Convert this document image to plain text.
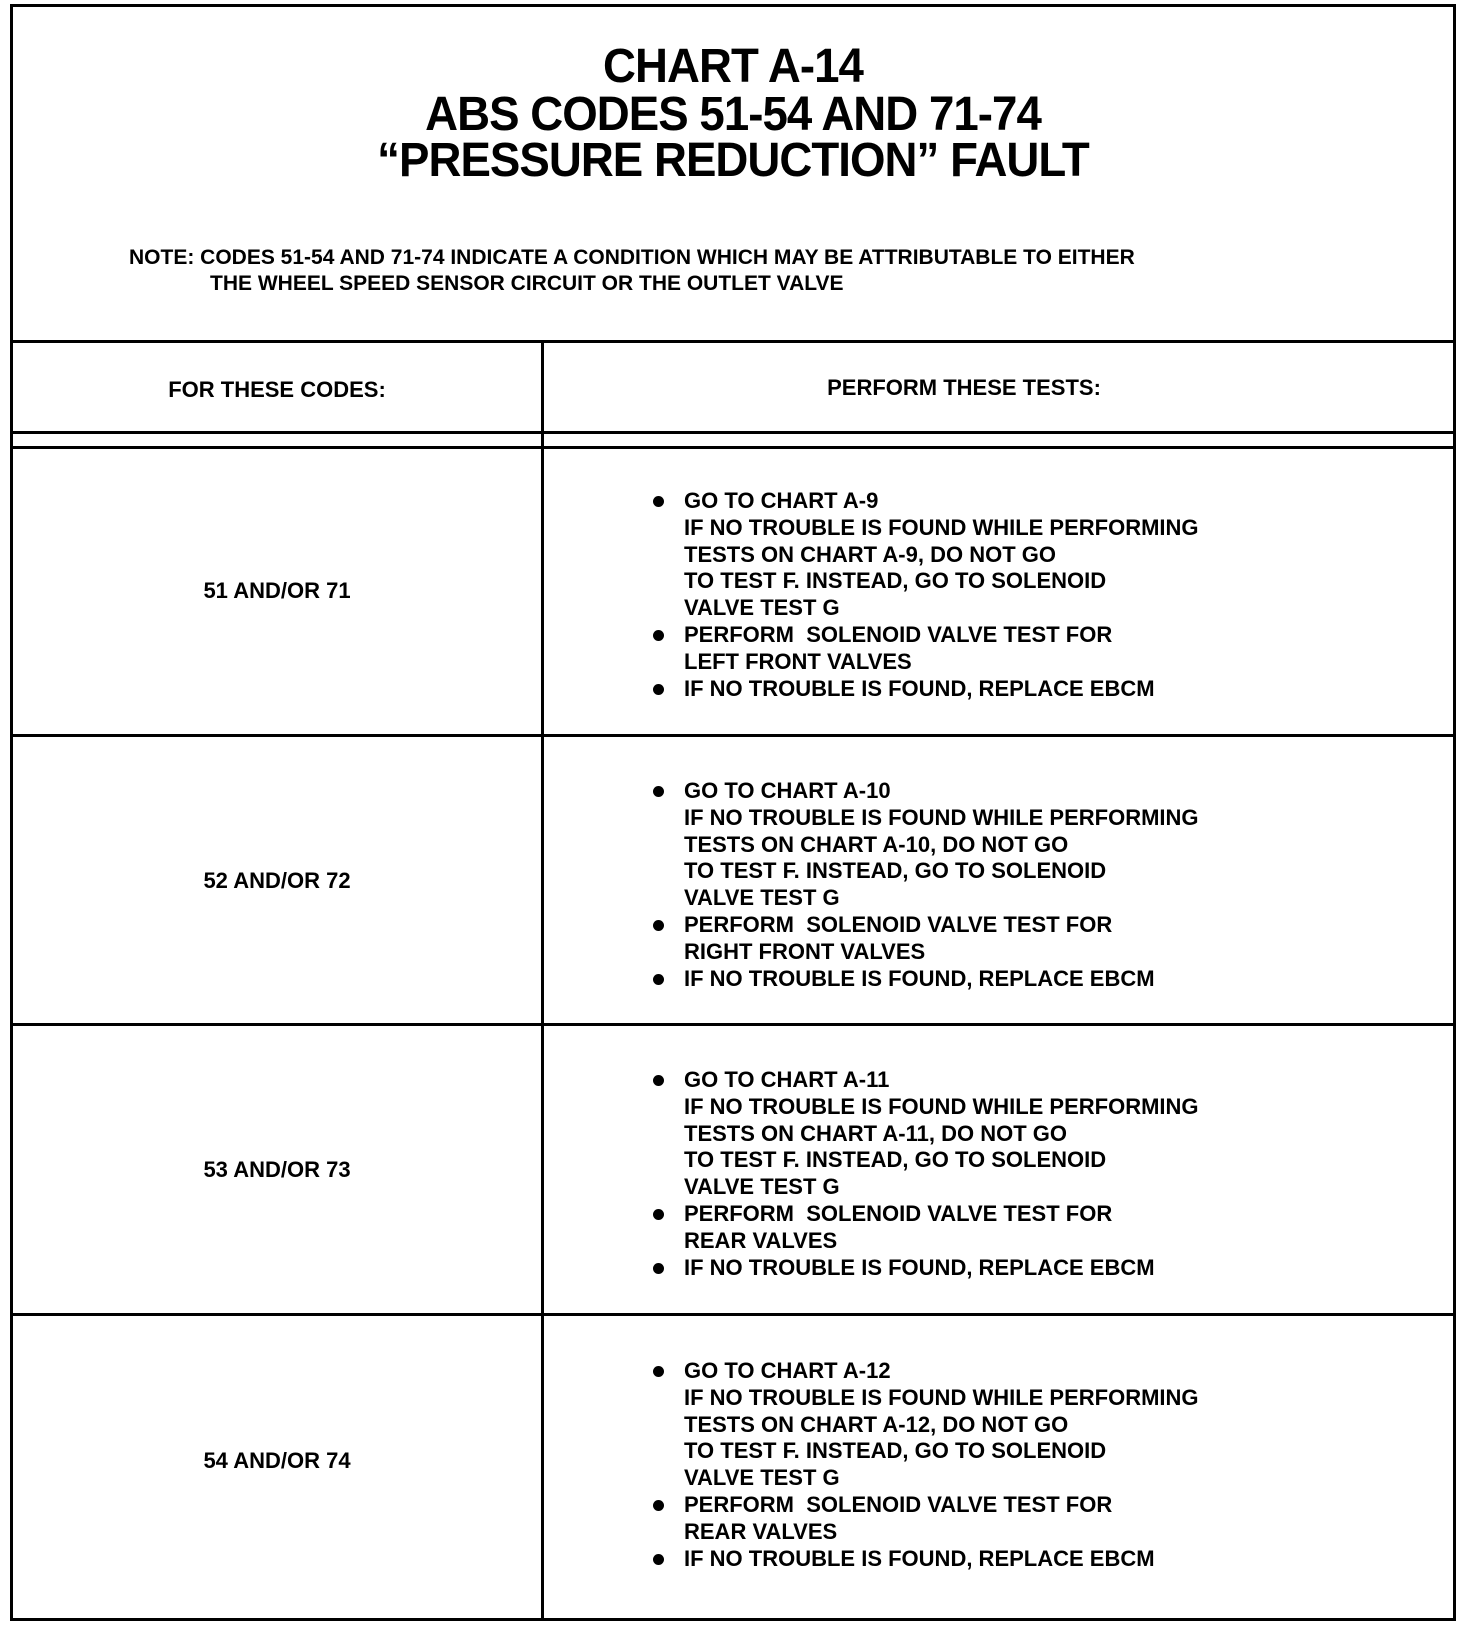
CHART A-14
ABS CODES 51-54 AND 71-74
“PRESSURE REDUCTION” FAULT
NOTE: CODES 51-54 AND 71-74 INDICATE A CONDITION WHICH MAY BE ATTRIBUTABLE TO EITHER
THE WHEEL SPEED SENSOR CIRCUIT OR THE OUTLET VALVE
FOR THESE CODES:	PERFORM THESE TESTS:
51 AND/OR 71
GO TO CHART A-9
IF NO TROUBLE IS FOUND WHILE PERFORMING
TESTS ON CHART A-9, DO NOT GO
TO TEST F. INSTEAD, GO TO SOLENOID
VALVE TEST G
PERFORM  SOLENOID VALVE TEST FOR
LEFT FRONT VALVES
IF NO TROUBLE IS FOUND, REPLACE EBCM
52 AND/OR 72
GO TO CHART A-10
IF NO TROUBLE IS FOUND WHILE PERFORMING
TESTS ON CHART A-10, DO NOT GO
TO TEST F. INSTEAD, GO TO SOLENOID
VALVE TEST G
PERFORM  SOLENOID VALVE TEST FOR
RIGHT FRONT VALVES
IF NO TROUBLE IS FOUND, REPLACE EBCM
53 AND/OR 73
GO TO CHART A-11
IF NO TROUBLE IS FOUND WHILE PERFORMING
TESTS ON CHART A-11, DO NOT GO
TO TEST F. INSTEAD, GO TO SOLENOID
VALVE TEST G
PERFORM  SOLENOID VALVE TEST FOR
REAR VALVES
IF NO TROUBLE IS FOUND, REPLACE EBCM
54 AND/OR 74
GO TO CHART A-12
IF NO TROUBLE IS FOUND WHILE PERFORMING
TESTS ON CHART A-12, DO NOT GO
TO TEST F. INSTEAD, GO TO SOLENOID
VALVE TEST G
PERFORM  SOLENOID VALVE TEST FOR
REAR VALVES
IF NO TROUBLE IS FOUND, REPLACE EBCM
